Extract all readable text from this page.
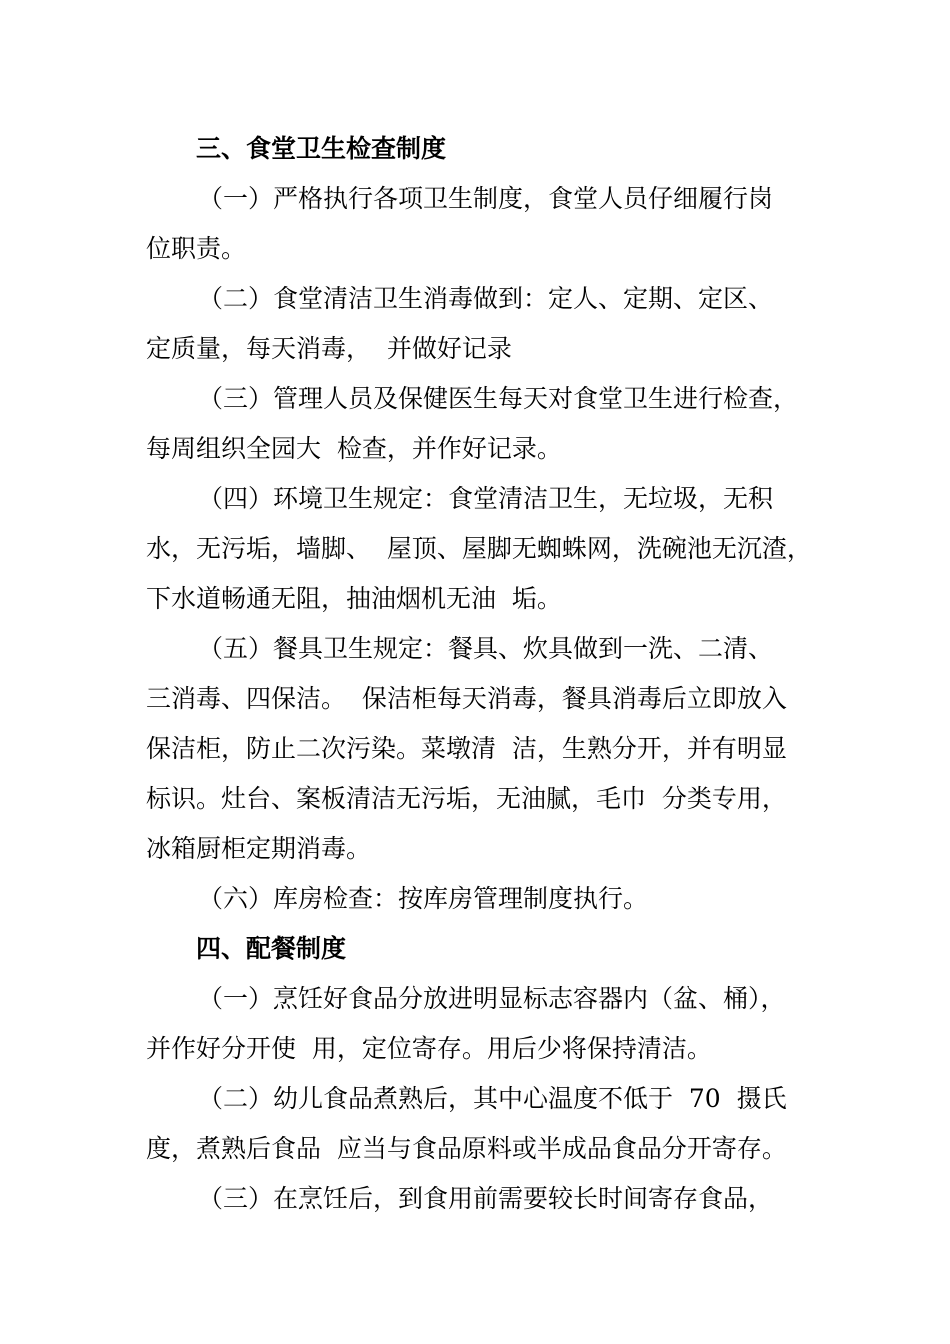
三、食堂卫生检查制度
（一）严格执行各项卫生制度，食堂人员仔细履行岗
位职责。
（二）食堂清洁卫生消毒做到：定人、定期、定区、
定质量，每天消毒，  并做好记录
（三）管理人员及保健医生每天对食堂卫生进行检查，
每周组织全园大  检查，并作好记录。
（四）环境卫生规定：食堂清洁卫生，无垃圾，无积
水，无污垢，墙脚、  屋顶、屋脚无蜘蛛网，洗碗池无沉渣，
下水道畅通无阻，抽油烟机无油  垢。
（五）餐具卫生规定：餐具、炊具做到一洗、二清、
三消毒、四保洁。  保洁柜每天消毒，餐具消毒后立即放入
保洁柜，防止二次污染。菜墩清  洁，生熟分开，并有明显
标识。灶台、案板清洁无污垢，无油腻，毛巾  分类专用，
冰箱厨柜定期消毒。
（六）库房检查：按库房管理制度执行。
四、配餐制度
（一）烹饪好食品分放进明显标志容器内（盆、桶），
并作好分开使  用，定位寄存。用后少将保持清洁。
（二）幼儿食品煮熟后，其中心温度不低于  70  摄氏
度，煮熟后食品  应当与食品原料或半成品食品分开寄存。
（三）在烹饪后，到食用前需要较长时间寄存食品，
